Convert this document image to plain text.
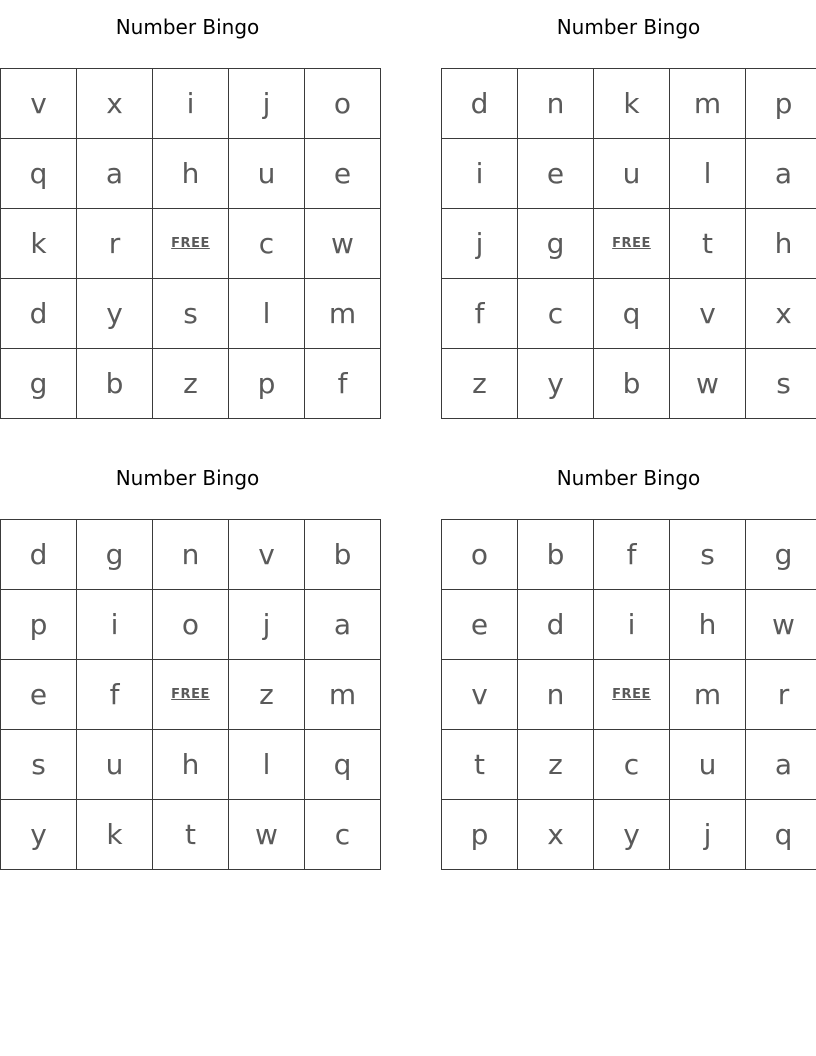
Number Bingo
v	x	i	j	o
q	a	h	u	e
k	r	FREE	c	w
d	y	s	l	m
g	b	z	p	f
Number Bingo
d	n	k	m	p
i	e	u	l	a
j	g	FREE	t	h
f	c	q	v	x
z	y	b	w	s
Number Bingo
d	g	n	v	b
p	i	o	j	a
e	f	FREE	z	m
s	u	h	l	q
y	k	t	w	c
Number Bingo
o	b	f	s	g
e	d	i	h	w
v	n	FREE	m	r
t	z	c	u	a
p	x	y	j	q
